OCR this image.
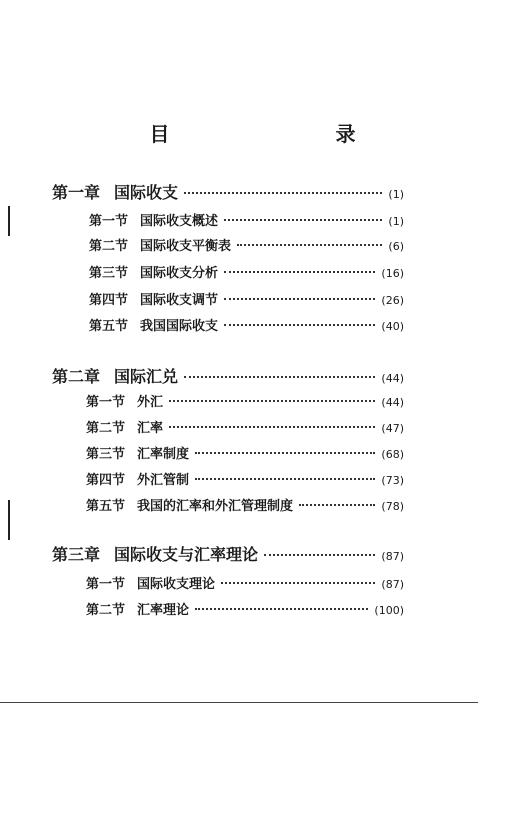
目　　录
第一章 国际收支	(1)
第一节 国际收支概述	(1)
第二节 国际收支平衡表	(6)
第三节 国际收支分析	(16)
第四节 国际收支调节	(26)
第五节 我国国际收支	(40)
第二章 国际汇兑	(44)
第一节 外汇	(44)
第二节 汇率	(47)
第三节 汇率制度	(68)
第四节 外汇管制	(73)
第五节 我国的汇率和外汇管理制度	(78)
第三章 国际收支与汇率理论	(87)
第一节 国际收支理论	(87)
第二节 汇率理论	(100)
